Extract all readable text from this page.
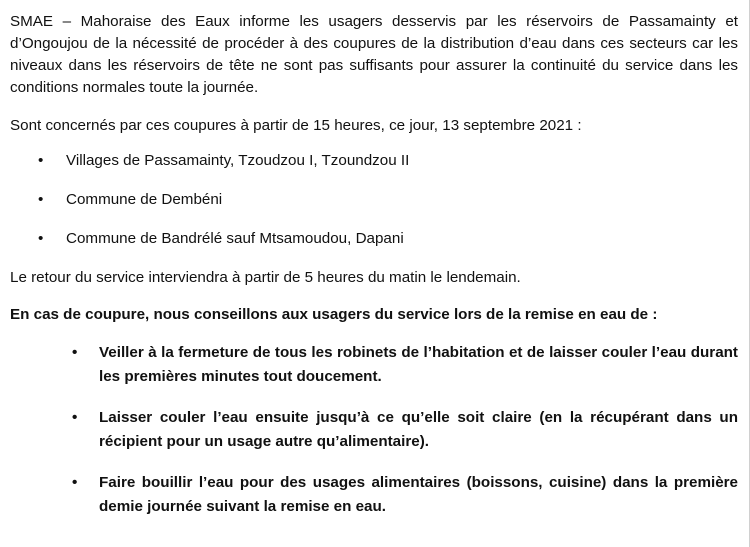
SMAE – Mahoraise des Eaux informe les usagers desservis par les réservoirs de Passamainty et d’Ongoujou de la nécessité de procéder à des coupures de la distribution d’eau dans ces secteurs car les niveaux dans les réservoirs de tête ne sont pas suffisants pour assurer la continuité du service dans les conditions normales toute la journée.

Sont concernés par ces coupures à partir de 15 heures, ce jour, 13 septembre 2021 :

• Villages de Passamainty, Tzoudzou I, Tzoundzou II
• Commune de Dembéni
• Commune de Bandrélé sauf Mtsamoudou, Dapani

Le retour du service interviendra à partir de 5 heures du matin le lendemain.

En cas de coupure, nous conseillons aux usagers du service lors de la remise en eau de :

• Veiller à la fermeture de tous les robinets de l’habitation et de laisser couler l’eau durant les premières minutes tout doucement.
• Laisser couler l’eau ensuite jusqu’à ce qu’elle soit claire (en la récupérant dans un récipient pour un usage autre qu’alimentaire).
• Faire bouillir l’eau pour des usages alimentaires (boissons, cuisine) dans la première demie journée suivant la remise en eau.
